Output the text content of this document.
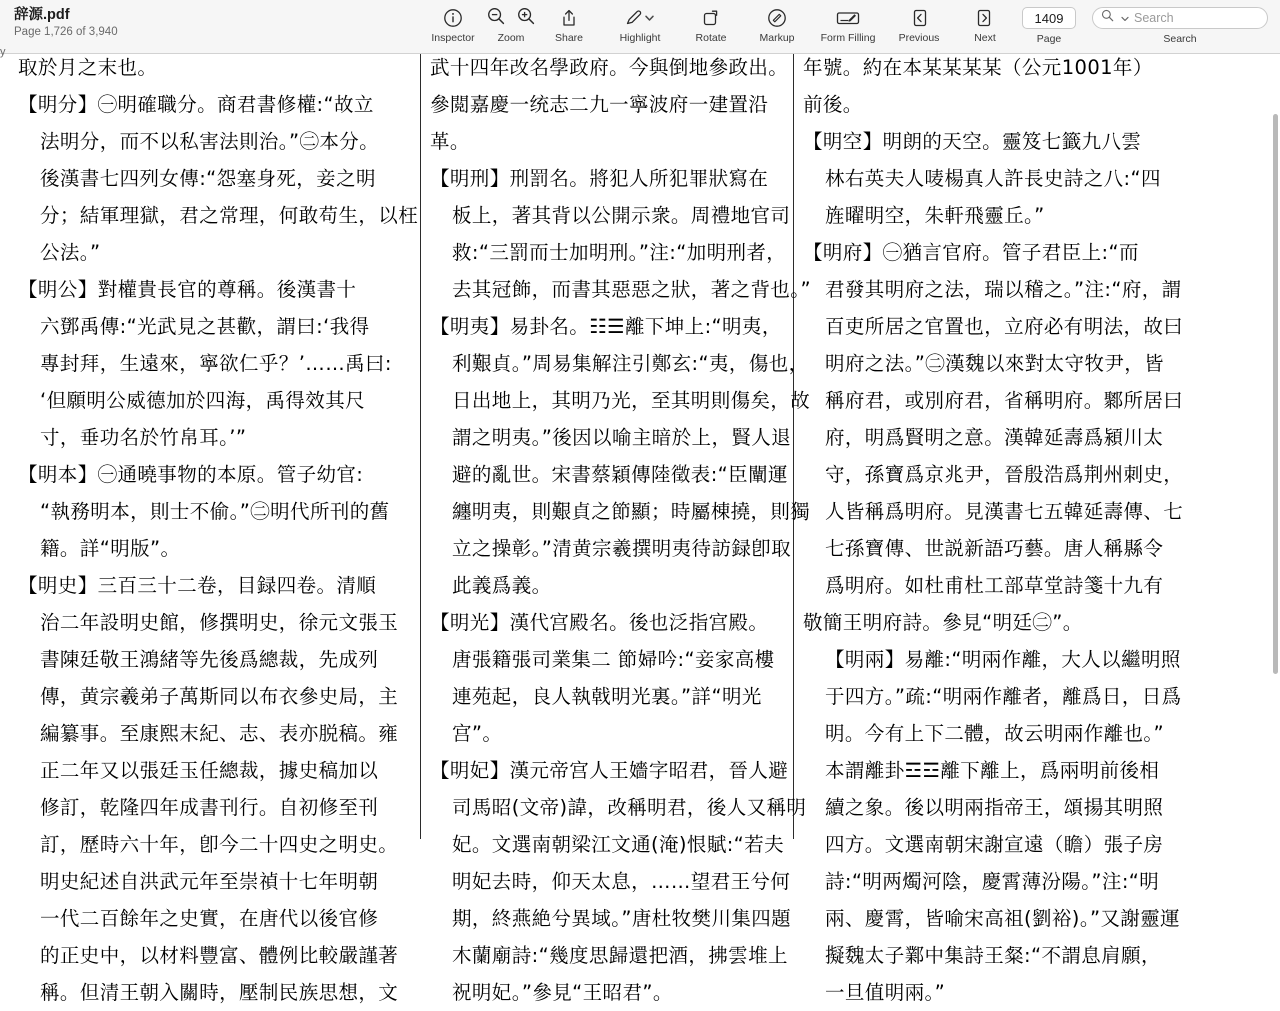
辞源.pdf
Page 1,726 of 3,940	Inspector Zoom	Share	Highlight	Rotate	Markup Form Filling Previous	Next
1409
Page
Search
Search
y
取於月之末也。
【明分】㊀明確職分。商君書修權:“故立
法明分，而不以私害法則治。”㊁本分。
後漢書七四列女傳:“怨塞身死，妾之明
分；結軍理獄，君之常理，何敢苟生，以枉
公法。”
【明公】對權貴長官的尊稱。後漢書十
六鄧禹傳:“光武見之甚歡，謂曰:‘我得
專封拜，生遠來，寧欲仁乎？’……禹曰:
‘但願明公威德加於四海，禹得效其尺
寸，垂功名於竹帛耳。’”
【明本】㊀通曉事物的本原。管子幼官:
“執務明本，則士不偷。”㊁明代所刊的舊
籍。詳“明版”。
【明史】三百三十二卷，目録四卷。清順
治二年設明史館，修撰明史，徐元文張玉
書陳廷敬王鴻緒等先後爲總裁，先成列
傳，黄宗羲弟子萬斯同以布衣參史局，主
編纂事。至康熙末紀、志、表亦脱稿。雍
正二年又以張廷玉任總裁，據史稿加以
修訂，乾隆四年成書刊行。自初修至刊
訂，歷時六十年，卽今二十四史之明史。
明史紀述自洪武元年至崇禎十七年明朝
一代二百餘年之史實，在唐代以後官修
的正史中，以材料豐富、體例比較嚴謹著
稱。但清王朝入關時，壓制民族思想，文
武十四年改名學政府。今與倒地參政出。
參閲嘉慶一统志二九一寧波府一建置沿
革。
【明刑】刑罰名。將犯人所犯罪狀寫在
板上，著其背以公開示衆。周禮地官司
救:“三罰而士加明刑。”注:“加明刑者，
去其冠飾，而書其惡惡之狀，著之背也。”
【明夷】易卦名。☷☰離下坤上:“明夷，
利艱貞。”周易集解注引鄭玄:“夷，傷也，
日出地上，其明乃光，至其明則傷矣，故
謂之明夷。”後因以喻主暗於上，賢人退
避的亂世。宋書蔡穎傳陸徵表:“臣闡運
纏明夷，則艱貞之節顯；時屬棟撓，則獨
立之操彰。”清黄宗羲撰明夷待訪録卽取
此義爲義。
【明光】漢代宫殿名。後也泛指宫殿。
唐張籍張司業集二 節婦吟:“妾家高樓
連苑起，良人執戟明光裏。”詳“明光
宫”。
【明妃】漢元帝宫人王嬙字昭君，晉人避
司馬昭(文帝)諱，改稱明君，後人又稱明
妃。文選南朝梁江文通(淹)恨賦:“若夫
明妃去時，仰天太息，……望君王兮何
期，終燕絶兮異域。”唐杜牧樊川集四題
木蘭廟詩:“幾度思歸還把酒，拂雲堆上
祝明妃。”參見“王昭君”。
年號。約在本某某某某（公元1001年）
前後。
【明空】明朗的天空。靈笈七籤九八雲
林右英夫人唛楊真人許長史詩之八:“四
旌曜明空，朱軒飛靈丘。”
【明府】㊀猶言官府。管子君臣上:“而
君發其明府之法，瑞以稽之。”注:“府，謂
百吏所居之官置也，立府必有明法，故曰
明府之法。”㊁漢魏以來對太守牧尹，皆
稱府君，或別府君，省稱明府。鄹所居曰
府，明爲賢明之意。漢韓延壽爲潁川太
守，孫寶爲京兆尹，晉殷浩爲荆州刺史，
人皆稱爲明府。見漢書七五韓延壽傳、七
七孫寶傳、世説新語巧藝。唐人稱縣令
爲明府。如杜甫杜工部草堂詩箋十九有
敬簡王明府詩。參見“明廷㊁”。
【明兩】易離:“明兩作離，大人以繼明照
于四方。”疏:“明兩作離者，離爲日，日爲
明。今有上下二體，故云明兩作離也。”
本謂離卦☲☲離下離上，爲兩明前後相
續之象。後以明兩指帝王，頌揚其明照
四方。文選南朝宋謝宣遠（瞻）張子房
詩:“明两燭河陰，慶霄薄汾陽。”注:“明
兩、慶霄，皆喻宋高祖(劉裕)。”又謝靈運
擬魏太子鄴中集詩王粲:“不謂息肩願，
一旦值明兩。”
